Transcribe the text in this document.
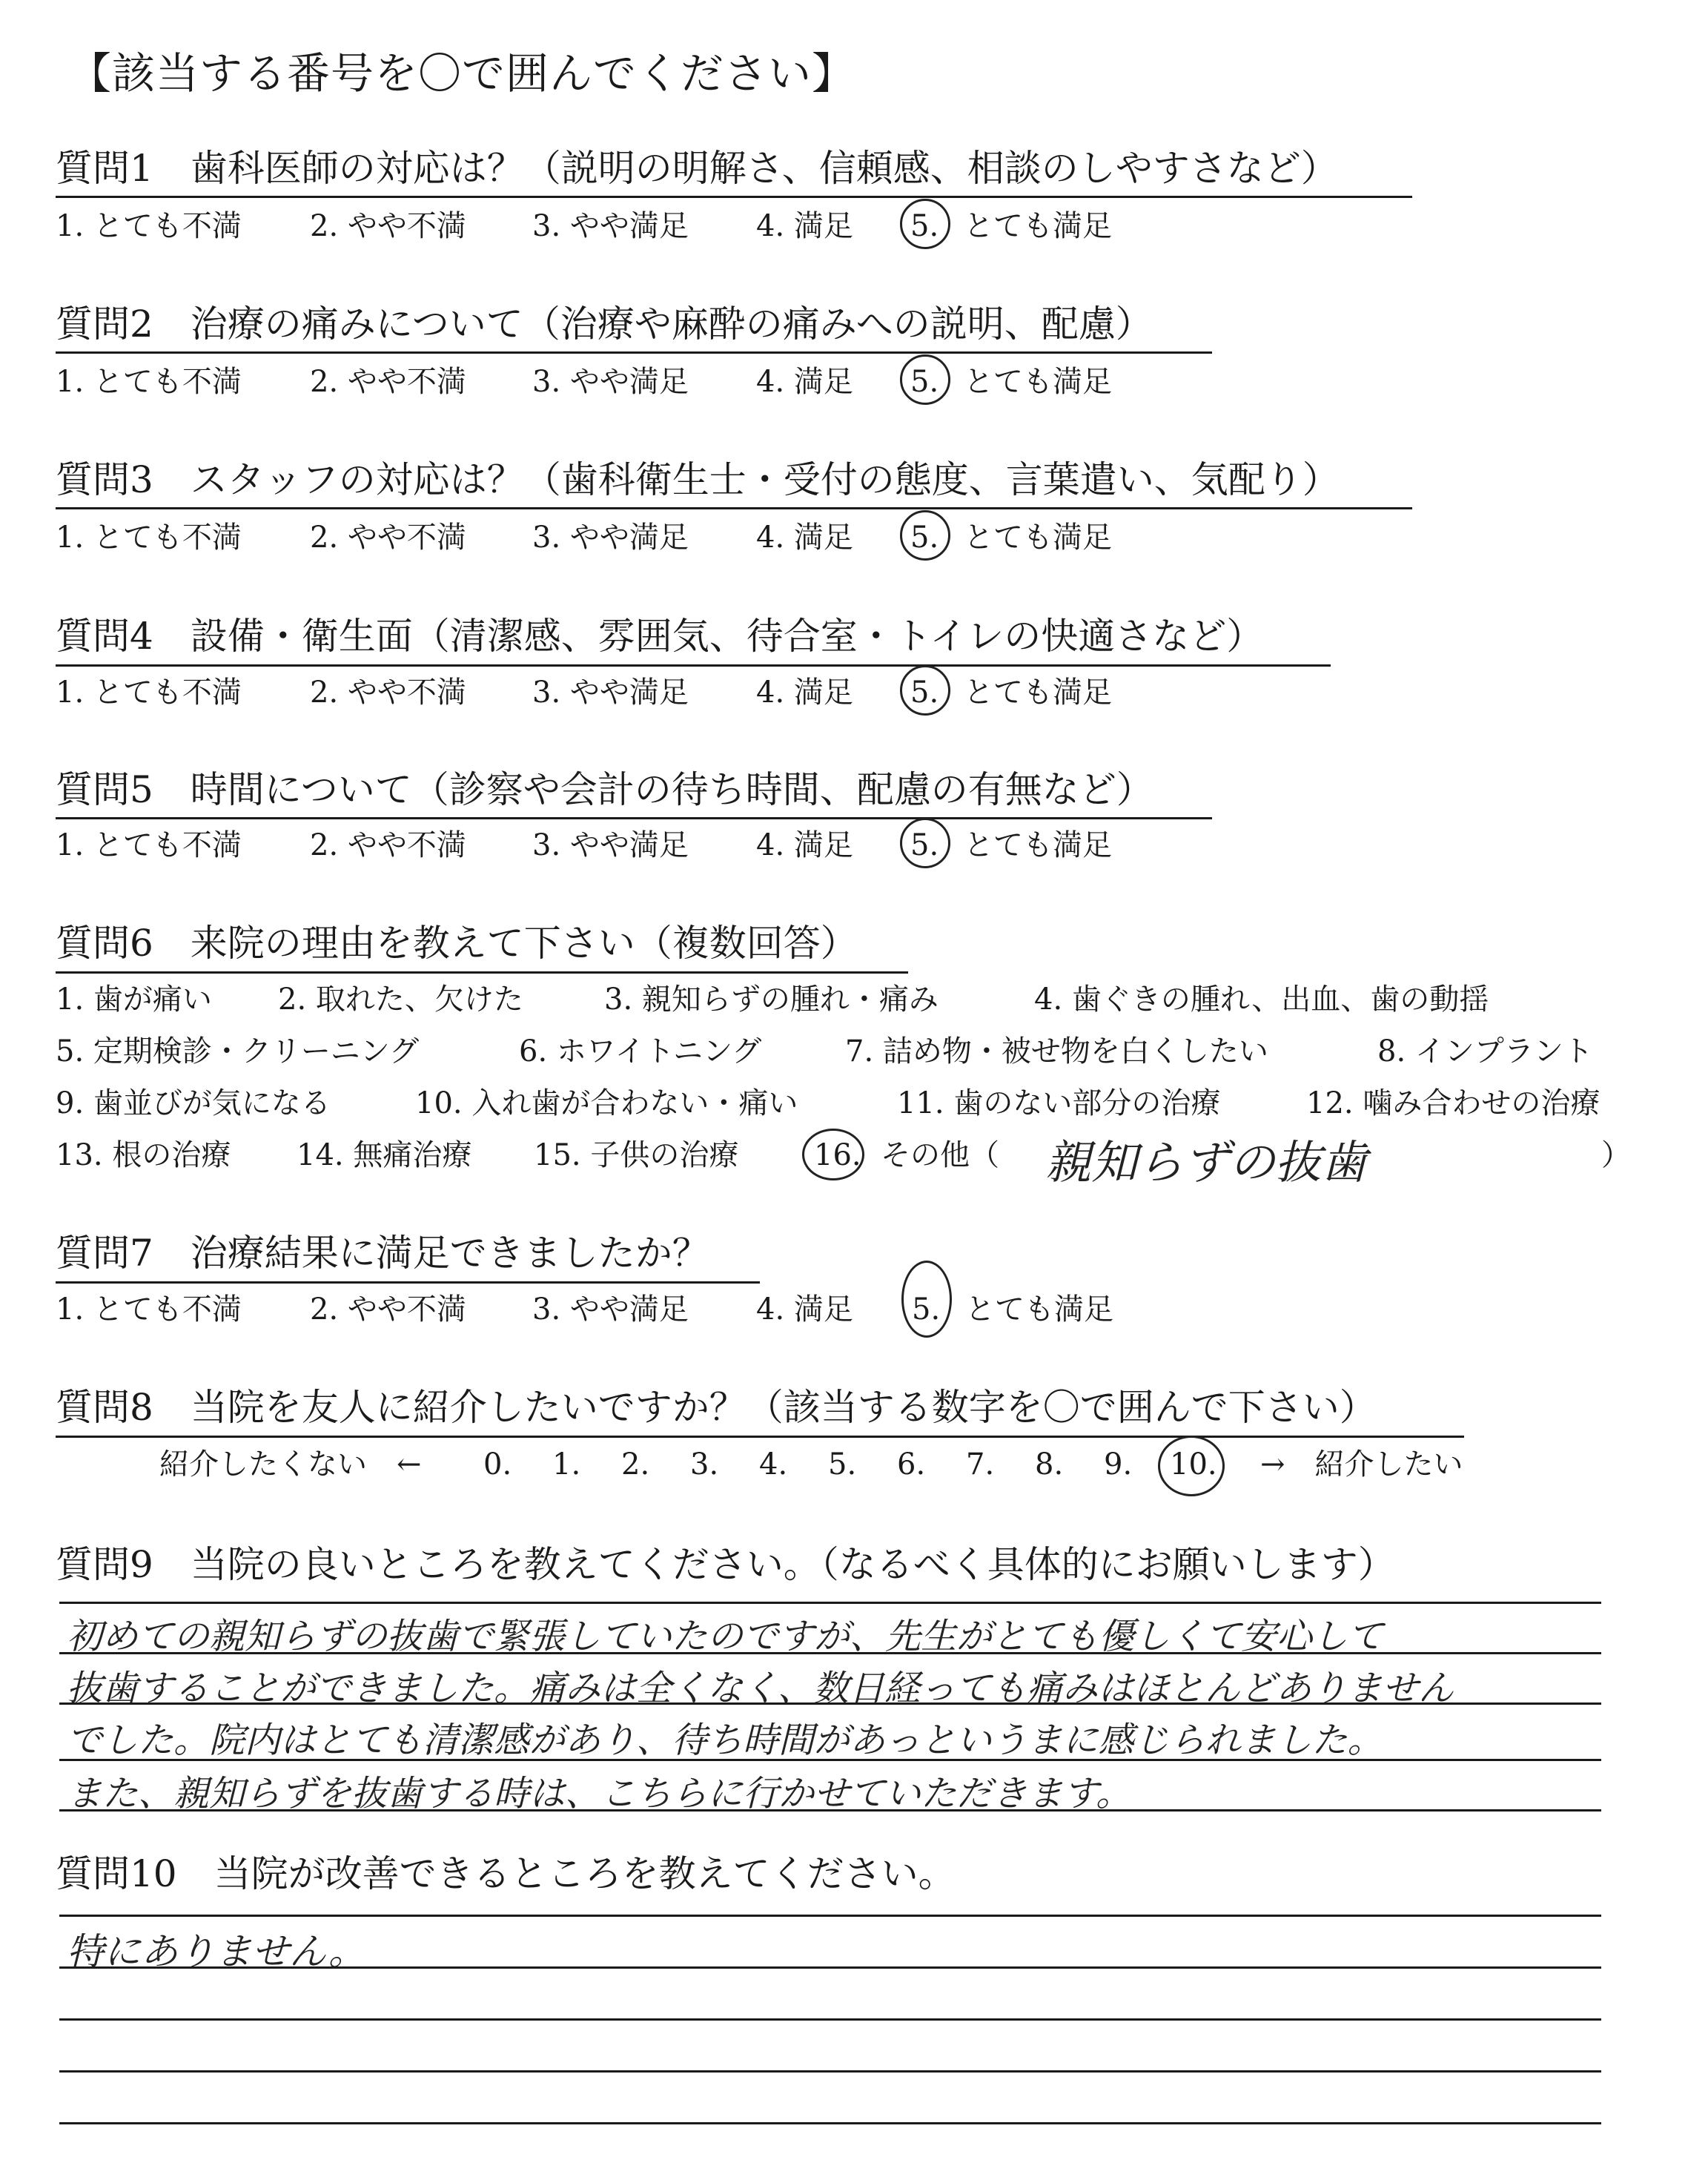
【該当する番号を〇で囲んでください】
質問1　歯科医師の対応は？（説明の明解さ、信頼感、相談のしやすさなど）
1. とても不満 2. やや不満 3. やや満足 4. 満足 5. とても満足
質問2　治療の痛みについて（治療や麻酔の痛みへの説明、配慮）
1. とても不満 2. やや不満 3. やや満足 4. 満足 5. とても満足
質問3　スタッフの対応は？（歯科衛生士・受付の態度、言葉遣い、気配り）
1. とても不満 2. やや不満 3. やや満足 4. 満足 5. とても満足
質問4　設備・衛生面（清潔感、雰囲気、待合室・トイレの快適さなど）
1. とても不満 2. やや不満 3. やや満足 4. 満足 5. とても満足
質問5　時間について（診察や会計の待ち時間、配慮の有無など）
1. とても不満 2. やや不満 3. やや満足 4. 満足 5. とても満足
質問6　来院の理由を教えて下さい（複数回答）
1. 歯が痛い 2. 取れた、欠けた	3. 親知らずの腫れ・痛み	4. 歯ぐきの腫れ、出血、歯の動揺
5. 定期検診・クリーニング	6. ホワイトニング	7. 詰め物・被せ物を白くしたい	8. インプラント
9. 歯並びが気になる	10. 入れ歯が合わない・痛い	11. 歯のない部分の治療	12. 噛み合わせの治療
13. 根の治療 14. 無痛治療 15. 子供の治療	16. その他（ 親知らずの抜歯	）
質問7　治療結果に満足できましたか？
1. とても不満 2. やや不満 3. やや満足 4. 満足 5. とても満足
質問8　当院を友人に紹介したいですか？（該当する数字を〇で囲んで下さい）
紹介したくない　← 0. 1. 2. 3. 4. 5. 6. 7. 8. 9. 10. →　紹介したい
質問9　当院の良いところを教えてください。（なるべく具体的にお願いします）
初めての親知らずの抜歯で緊張していたのですが、先生がとても優しくて安心して
抜歯することができました。痛みは全くなく、数日経っても痛みはほとんどありません
でした。院内はとても清潔感があり、待ち時間があっというまに感じられました。
また、親知らずを抜歯する時は、こちらに行かせていただきます。
質問10　当院が改善できるところを教えてください。
特にありません。
